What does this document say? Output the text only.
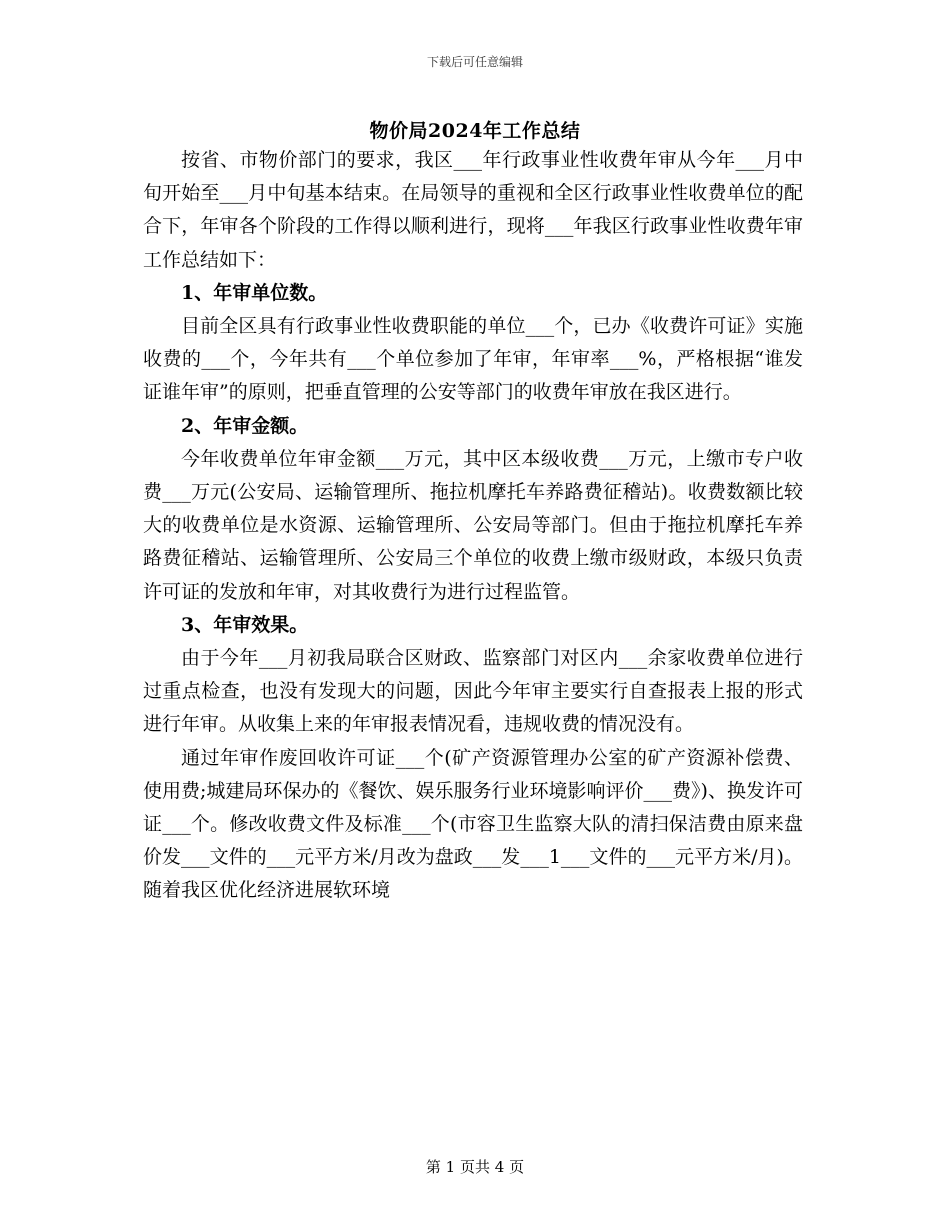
下载后可任意编辑
物价局2024年工作总结

按省、市物价部门的要求，我区___年行政事业性收费年审从今年___月中旬开始至___月中旬基本结束。在局领导的重视和全区行政事业性收费单位的配合下，年审各个阶段的工作得以顺利进行，现将___年我区行政事业性收费年审工作总结如下：

1、年审单位数。

目前全区具有行政事业性收费职能的单位___个，已办《收费许可证》实施收费的___个，今年共有___个单位参加了年审，年审率___%，严格根据“谁发证谁年审”的原则，把垂直管理的公安等部门的收费年审放在我区进行。

2、年审金额。

今年收费单位年审金额___万元，其中区本级收费___万元，上缴市专户收费___万元(公安局、运输管理所、拖拉机摩托车养路费征稽站)。收费数额比较大的收费单位是水资源、运输管理所、公安局等部门。但由于拖拉机摩托车养路费征稽站、运输管理所、公安局三个单位的收费上缴市级财政，本级只负责许可证的发放和年审，对其收费行为进行过程监管。

3、年审效果。

由于今年___月初我局联合区财政、监察部门对区内___余家收费单位进行过重点检查，也没有发现大的问题，因此今年审主要实行自查报表上报的形式进行年审。从收集上来的年审报表情况看，违规收费的情况没有。

通过年审作废回收许可证___个(矿产资源管理办公室的矿产资源补偿费、使用费;城建局环保办的《餐饮、娱乐服务行业环境影响评价___费》)、换发许可证___个。修改收费文件及标准___个(市容卫生监察大队的清扫保洁费由原来盘价发___文件的___元平方米/月改为盘政___发___1___文件的___元平方米/月)。随着我区优化经济进展软环境

第 1 页共 4 页
